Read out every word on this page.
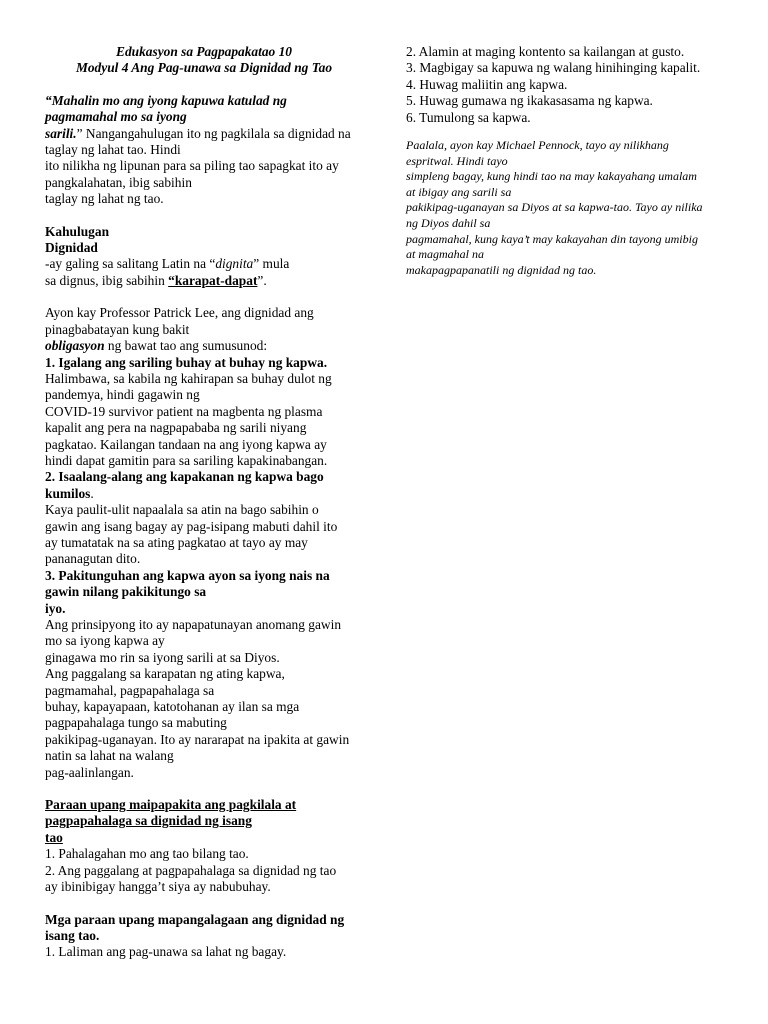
Edukasyon sa Pagpapakatao 10
Modyul 4 Ang Pag-unawa sa Dignidad ng Tao
“Mahalin mo ang iyong kapuwa katulad ng
pagmamahal mo sa iyong
sarili.” Nangangahulugan ito ng pagkilala sa dignidad na
taglay ng lahat tao. Hindi
ito nilikha ng lipunan para sa piling tao sapagkat ito ay
pangkalahatan, ibig sabihin
taglay ng lahat ng tao.
Kahulugan
Dignidad
-ay galing sa salitang Latin na “dignita” mula
sa dignus, ibig sabihin “karapat-dapat”.
Ayon kay Professor Patrick Lee, ang dignidad ang
pinagbabatayan kung bakit
obligasyon ng bawat tao ang sumusunod:
1. Igalang ang sariling buhay at buhay ng kapwa.
Halimbawa, sa kabila ng kahirapan sa buhay dulot ng
pandemya, hindi gagawin ng
COVID-19 survivor patient na magbenta ng plasma
kapalit ang pera na nagpapababa ng sarili niyang
pagkatao. Kailangan tandaan na ang iyong kapwa ay
hindi dapat gamitin para sa sariling kapakinabangan.
2. Isaalang-alang ang kapakanan ng kapwa bago
kumilos.
Kaya paulit-ulit napaalala sa atin na bago sabihin o
gawin ang isang bagay ay pag-isipang mabuti dahil ito
ay tumatatak na sa ating pagkatao at tayo ay may
pananagutan dito.
3. Pakitunguhan ang kapwa ayon sa iyong nais na
gawin nilang pakikitungo sa
iyo.
Ang prinsipyong ito ay napapatunayan anomang gawin
mo sa iyong kapwa ay
ginagawa mo rin sa iyong sarili at sa Diyos.
Ang paggalang sa karapatan ng ating kapwa,
pagmamahal, pagpapahalaga sa
buhay, kapayapaan, katotohanan ay ilan sa mga
pagpapahalaga tungo sa mabuting
pakikipag-uganayan. Ito ay nararapat na ipakita at gawin
natin sa lahat na walang
pag-aalinlangan.
Paraan upang maipapakita ang pagkilala at
pagpapahalaga sa dignidad ng isang
tao
1. Pahalagahan mo ang tao bilang tao.
2. Ang paggalang at pagpapahalaga sa dignidad ng tao
ay ibinibigay hangga’t siya ay nabubuhay.
Mga paraan upang mapangalagaan ang dignidad ng
isang tao.
1. Laliman ang pag-unawa sa lahat ng bagay.
2. Alamin at maging kontento sa kailangan at gusto.
3. Magbigay sa kapuwa ng walang hinihinging kapalit.
4. Huwag maliitin ang kapwa.
5. Huwag gumawa ng ikakasasama ng kapwa.
6. Tumulong sa kapwa.
Paalala, ayon kay Michael Pennock, tayo ay nilikhang
espritwal. Hindi tayo
simpleng bagay, kung hindi tao na may kakayahang umalam
at ibigay ang sarili sa
pakikipag-uganayan sa Diyos at sa kapwa-tao. Tayo ay nilika
ng Diyos dahil sa
pagmamahal, kung kaya’t may kakayahan din tayong umibig
at magmahal na
makapagpapanatili ng dignidad ng tao.
